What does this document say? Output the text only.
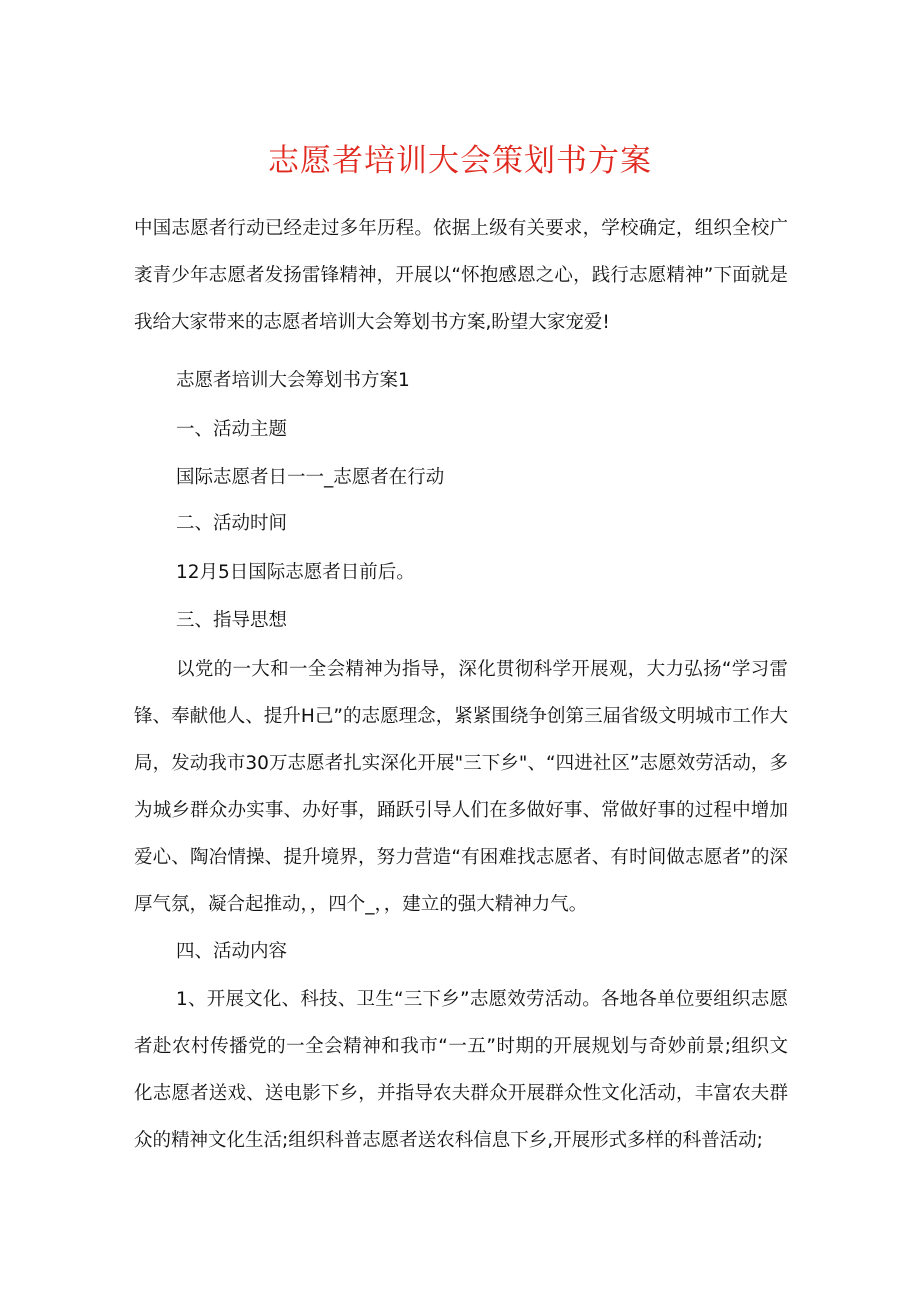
志愿者培训大会策划书方案
中国志愿者行动已经走过多年历程。依据上级有关要求，学校确定，组织全校广袤青少年志愿者发扬雷锋精神，开展以“怀抱感恩之心，践行志愿精神”下面就是我给大家带来的志愿者培训大会筹划书方案,盼望大家宠爱!
志愿者培训大会筹划书方案1
一、活动主题
国际志愿者日一一_志愿者在行动
二、活动时间
12月5日国际志愿者日前后。
三、指导思想
以党的一大和一全会精神为指导，深化贯彻科学开展观，大力弘扬“学习雷锋、奉献他人、提升H己”的志愿理念，紧紧围绕争创第三届省级文明城市工作大局，发动我市30万志愿者扎实深化开展"三下乡"、“四进社区”志愿效劳活动，多为城乡群众办实事、办好事，踊跃引导人们在多做好事、常做好事的过程中增加爱心、陶冶情操、提升境界，努力营造“有困难找志愿者、有时间做志愿者”的深厚气氛，凝合起推动，，四个_，，建立的强大精神力气。
四、活动内容
1、开展文化、科技、卫生“三下乡”志愿效劳活动。各地各单位要组织志愿者赴农村传播党的一全会精神和我市“一五”时期的开展规划与奇妙前景;组织文化志愿者送戏、送电影下乡，并指导农夫群众开展群众性文化活动，丰富农夫群众的精神文化生活;组织科普志愿者送农科信息下乡,开展形式多样的科普活动;
